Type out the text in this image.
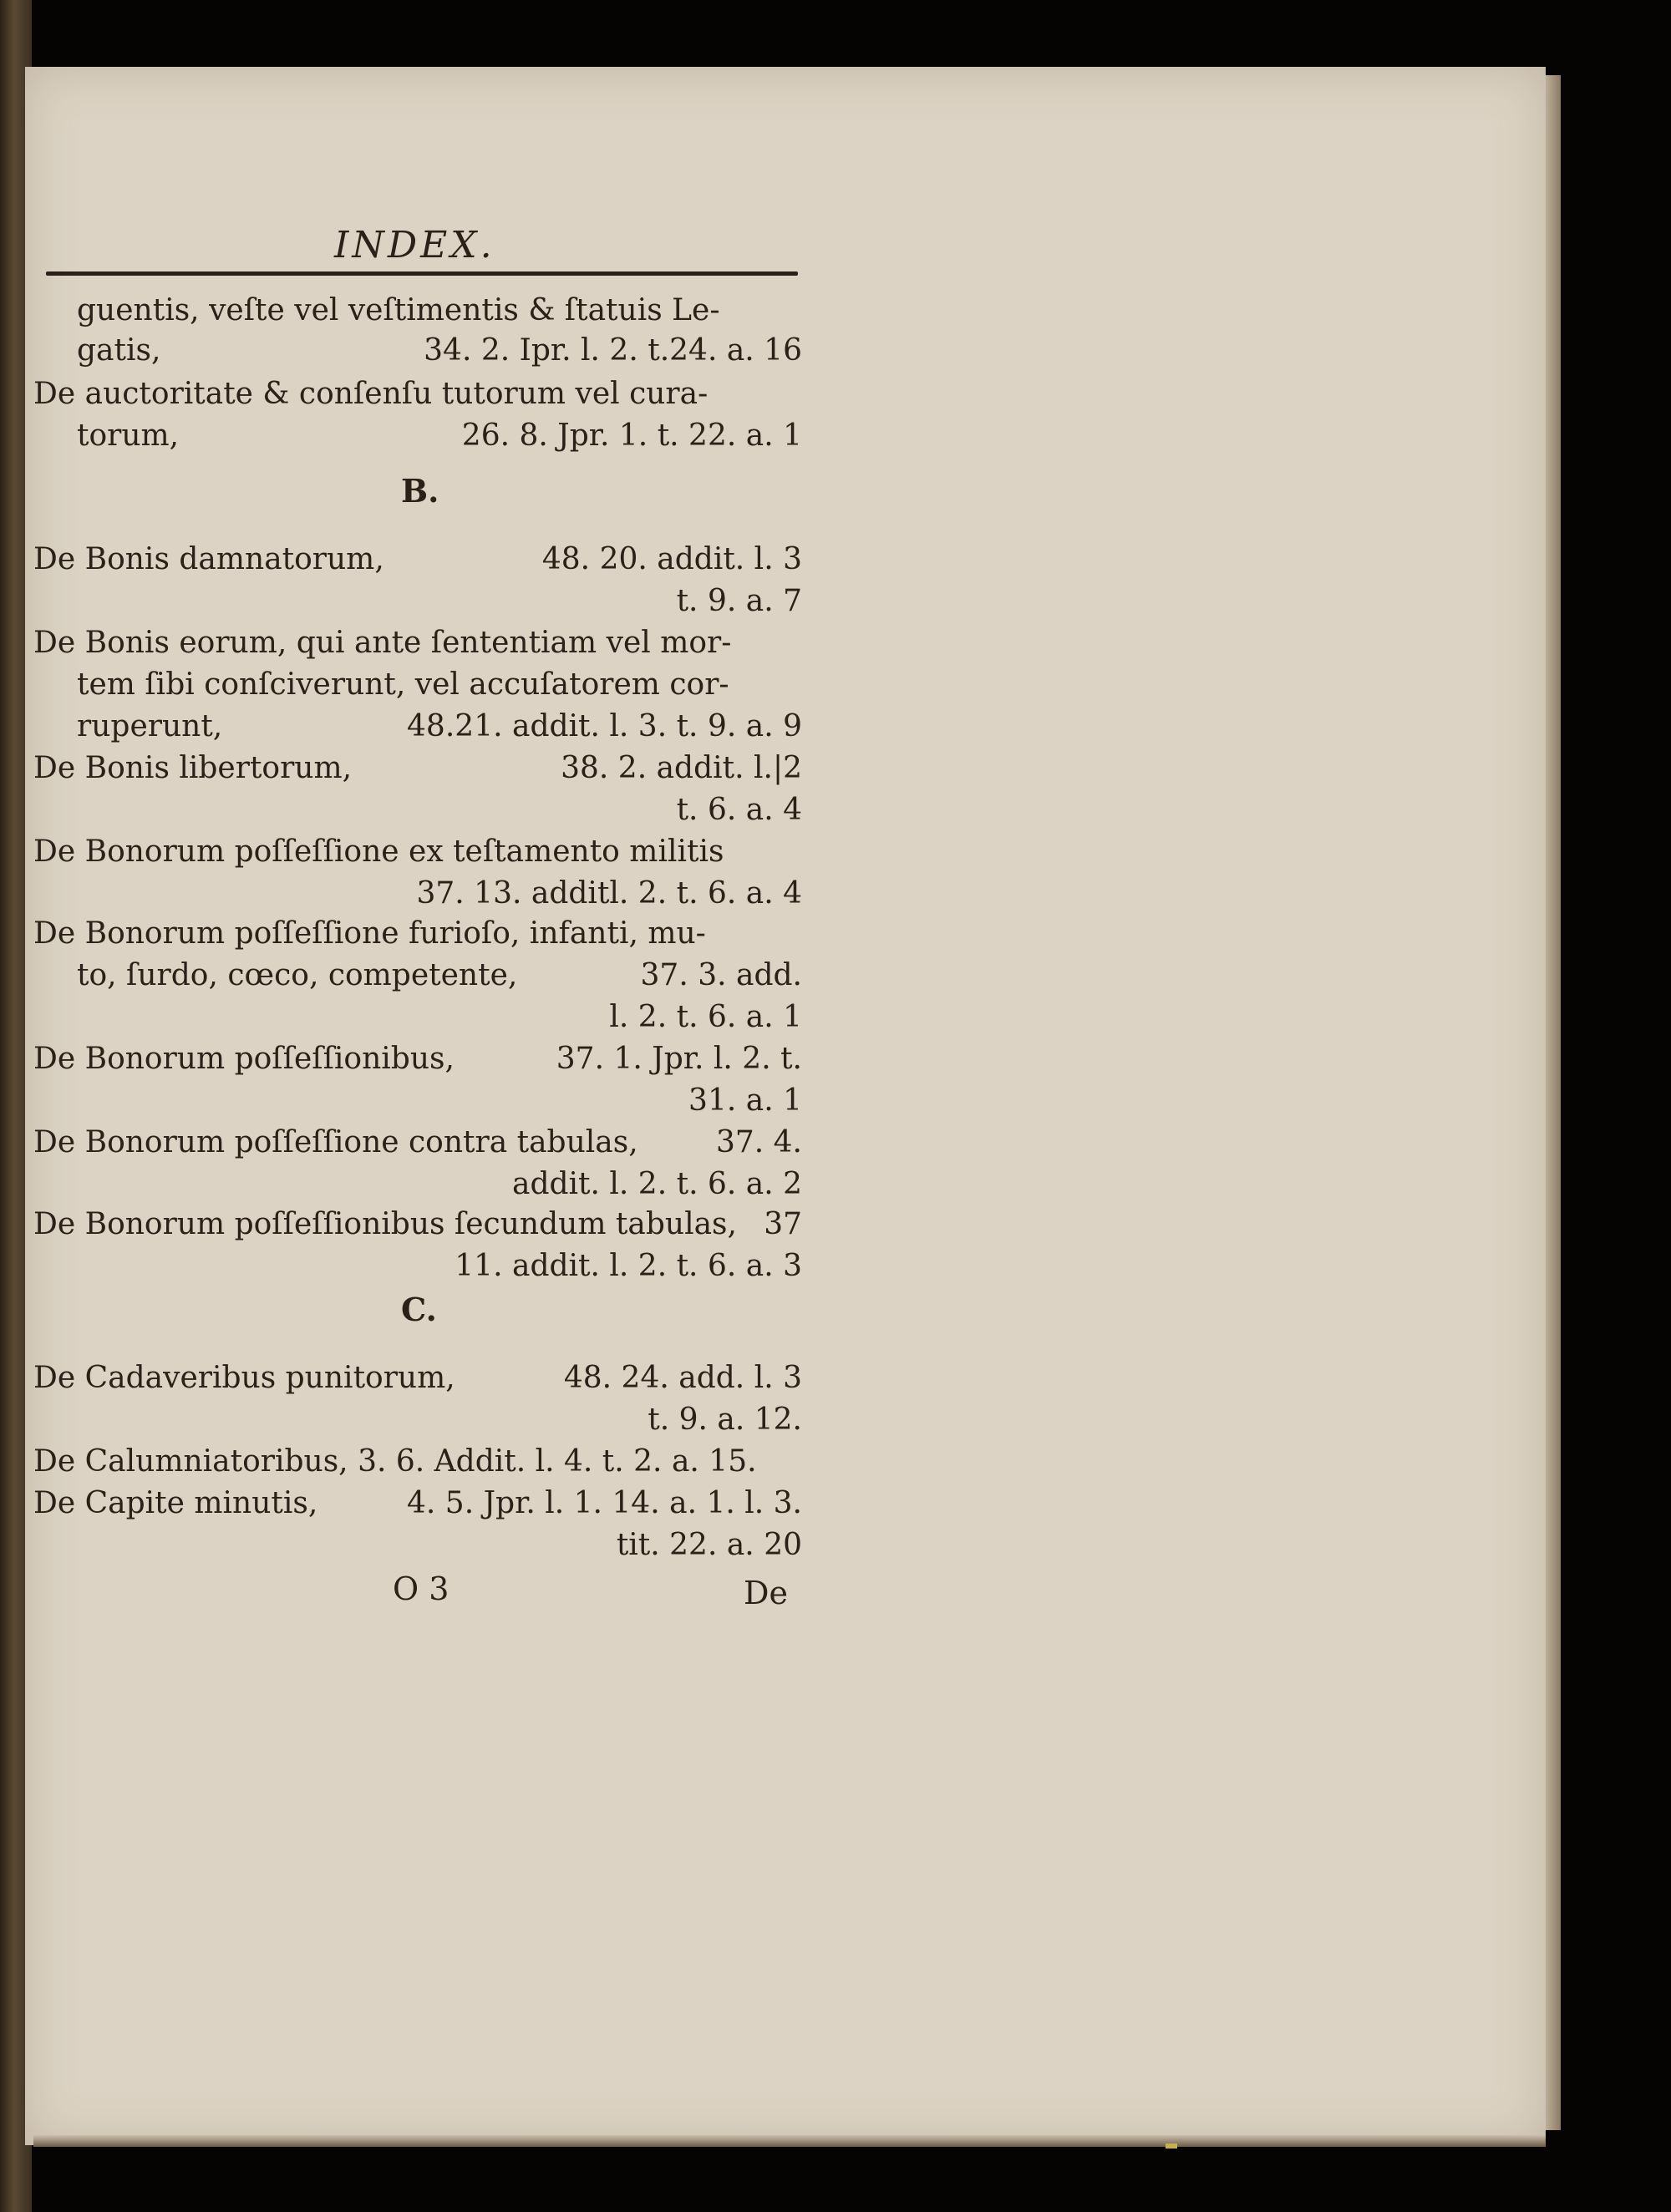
INDEX.
guentis, veſte vel veſtimentis & ſtatuis Le-
gatis,	34. 2. Ipr. l. 2. t.24. a. 16
De auctoritate & conſenſu tutorum vel cura-
torum,	26. 8. Jpr. 1. t. 22. a. 1
B.
De Bonis damnatorum,	48. 20. addit. l. 3
t. 9. a. 7
De Bonis eorum, qui ante ſententiam vel mor-
tem ſibi conſciverunt, vel accuſatorem cor-
ruperunt,	48.21. addit. l. 3. t. 9. a. 9
De Bonis libertorum,	38. 2. addit. l.|2
t. 6. a. 4
De Bonorum poſſeſſione ex teſtamento militis
37. 13. additl. 2. t. 6. a. 4
De Bonorum poſſeſſione furioſo, infanti, mu-
to, ſurdo, cœco, competente,	37. 3. add.
l. 2. t. 6. a. 1
De Bonorum poſſeſſionibus,	37. 1. Jpr. l. 2. t.
31. a. 1
De Bonorum poſſeſſione contra tabulas,	37. 4.
addit. l. 2. t. 6. a. 2
De Bonorum poſſeſſionibus ſecundum tabulas, 37
11. addit. l. 2. t. 6. a. 3
C.
De Cadaveribus punitorum,	48. 24. add. l. 3
t. 9. a. 12.
De Calumniatoribus, 3. 6. Addit. l. 4. t. 2. a. 15.
De Capite minutis,	4. 5. Jpr. l. 1. 14. a. 1. l. 3.
tit. 22. a. 20
O 3	De
